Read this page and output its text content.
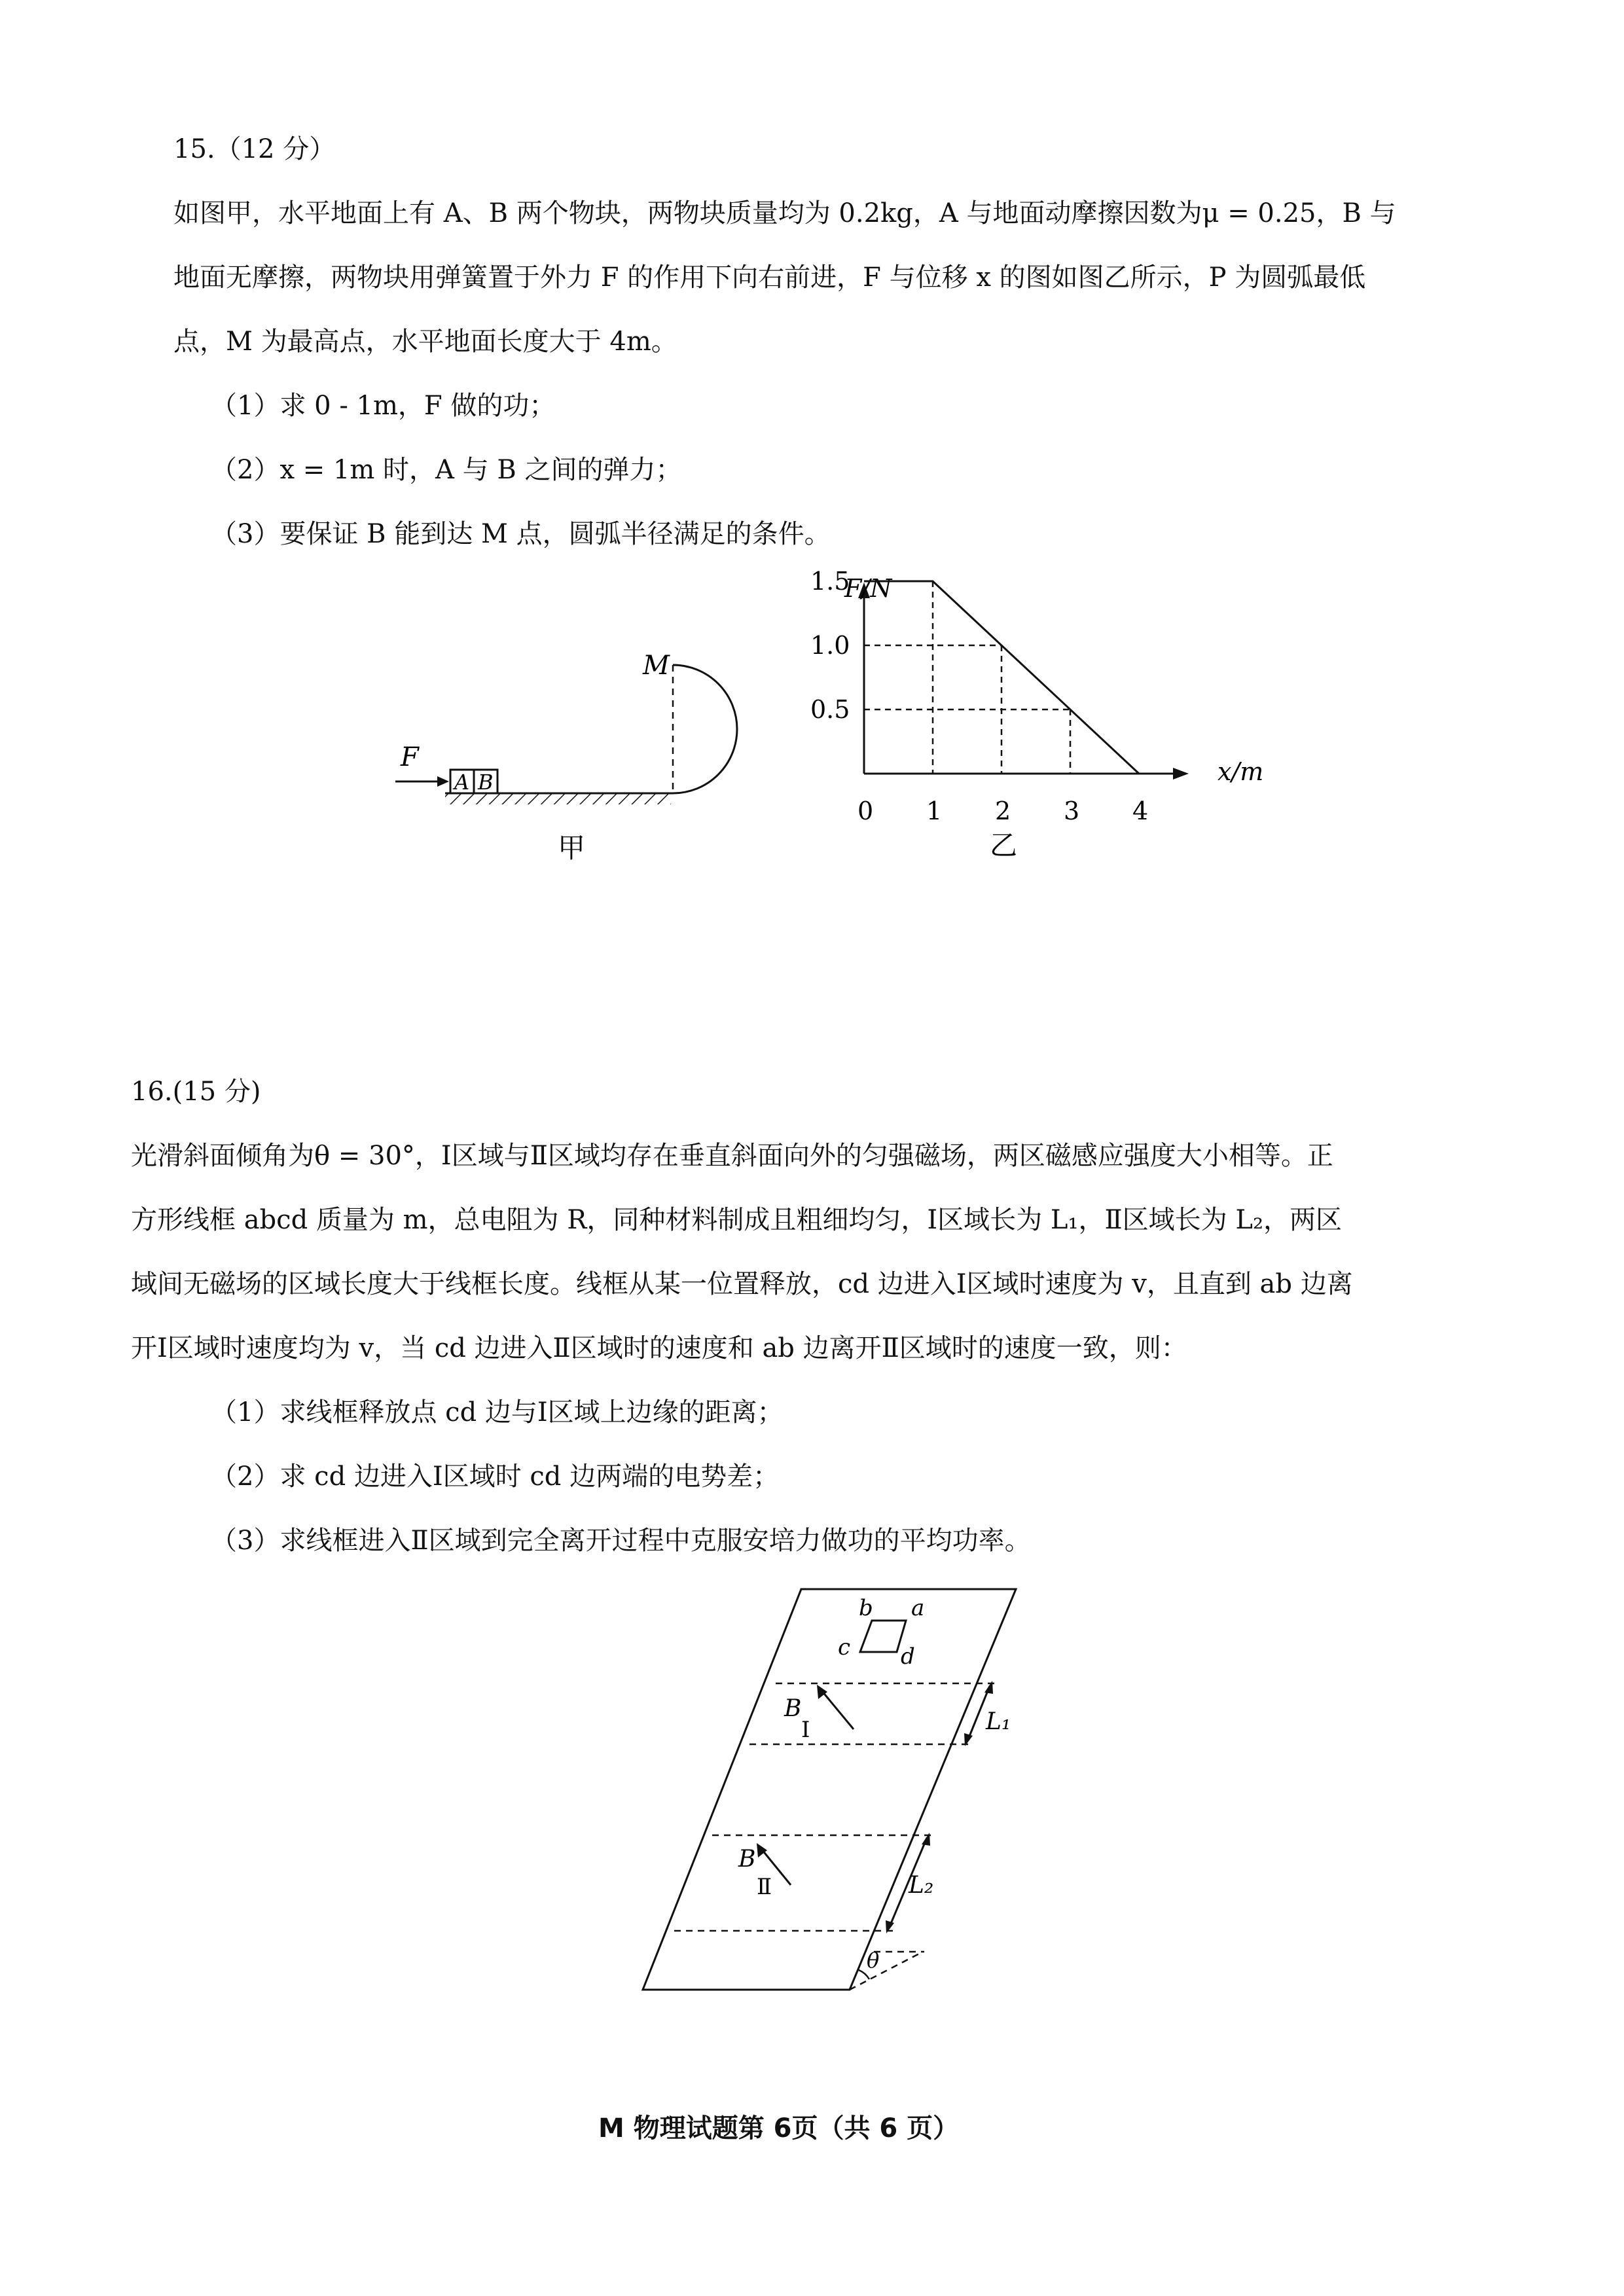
15.（12 分）
如图甲，水平地面上有 A、B 两个物块，两物块质量均为 0.2kg，A 与地面动摩擦因数为μ = 0.25，B 与
地面无摩擦，两物块用弹簧置于外力 F 的作用下向右前进，F 与位移 x 的图如图乙所示，P 为圆弧最低
点，M 为最高点，水平地面长度大于 4m。
（1）求 0 - 1m，F 做的功；
（2）x = 1m 时，A 与 B 之间的弹力；
（3）要保证 B 能到达 M 点，圆弧半径满足的条件。
A B
F
M
甲
x/m
F/N
0 1 2 3 4
1.5
1.0
0.5
乙
16.(15 分)
光滑斜面倾角为θ = 30°，Ⅰ区域与Ⅱ区域均存在垂直斜面向外的匀强磁场，两区磁感应强度大小相等。正
方形线框 abcd 质量为 m，总电阻为 R，同种材料制成且粗细均匀，Ⅰ区域长为 L₁，Ⅱ区域长为 L₂，两区
域间无磁场的区域长度大于线框长度。线框从某一位置释放，cd 边进入Ⅰ区域时速度为 v，且直到 ab 边离
开Ⅰ区域时速度均为 v，当 cd 边进入Ⅱ区域时的速度和 ab 边离开Ⅱ区域时的速度一致，则：
（1）求线框释放点 cd 边与Ⅰ区域上边缘的距离；
（2）求 cd 边进入Ⅰ区域时 cd 边两端的电势差；
（3）求线框进入Ⅱ区域到完全离开过程中克服安培力做功的平均功率。
b a
c d
B
Ⅰ
B
Ⅱ
L₁
L₂
θ
M 物理试题第 6页（共 6 页）
